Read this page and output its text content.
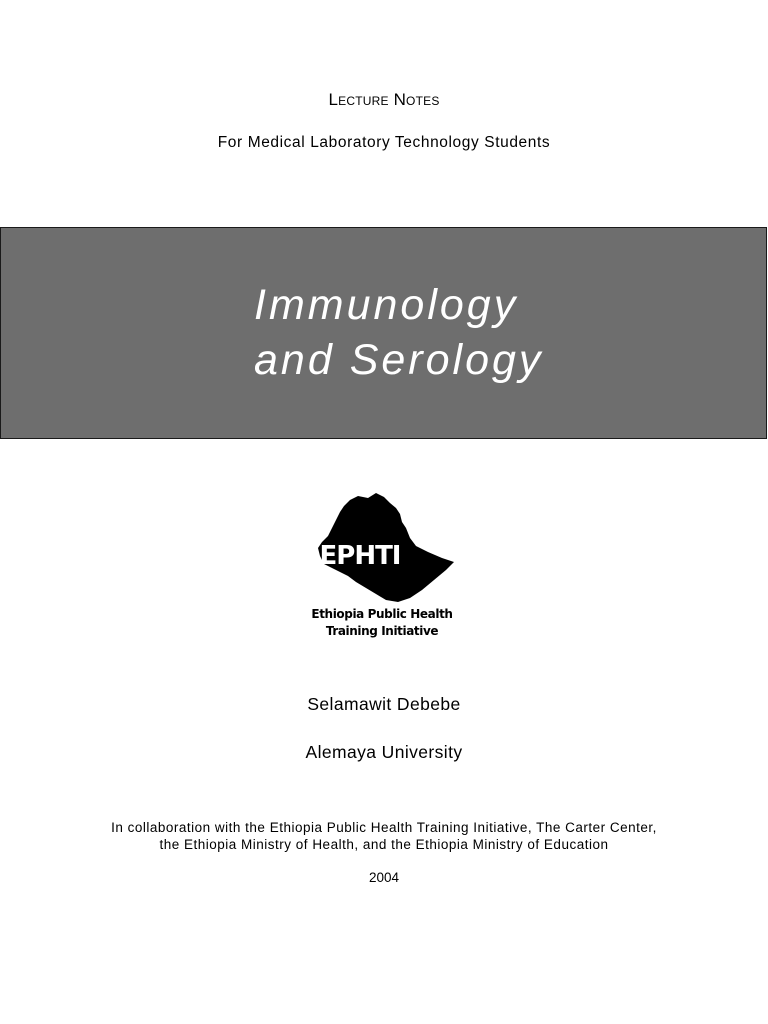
Lecture Notes
For Medical Laboratory Technology Students
Immunology
and Serology
EPHTI
Ethiopia Public Health
Training Initiative
Selamawit Debebe
Alemaya University
In collaboration with the Ethiopia Public Health Training Initiative, The Carter Center,
the Ethiopia Ministry of Health, and the Ethiopia Ministry of Education
2004
